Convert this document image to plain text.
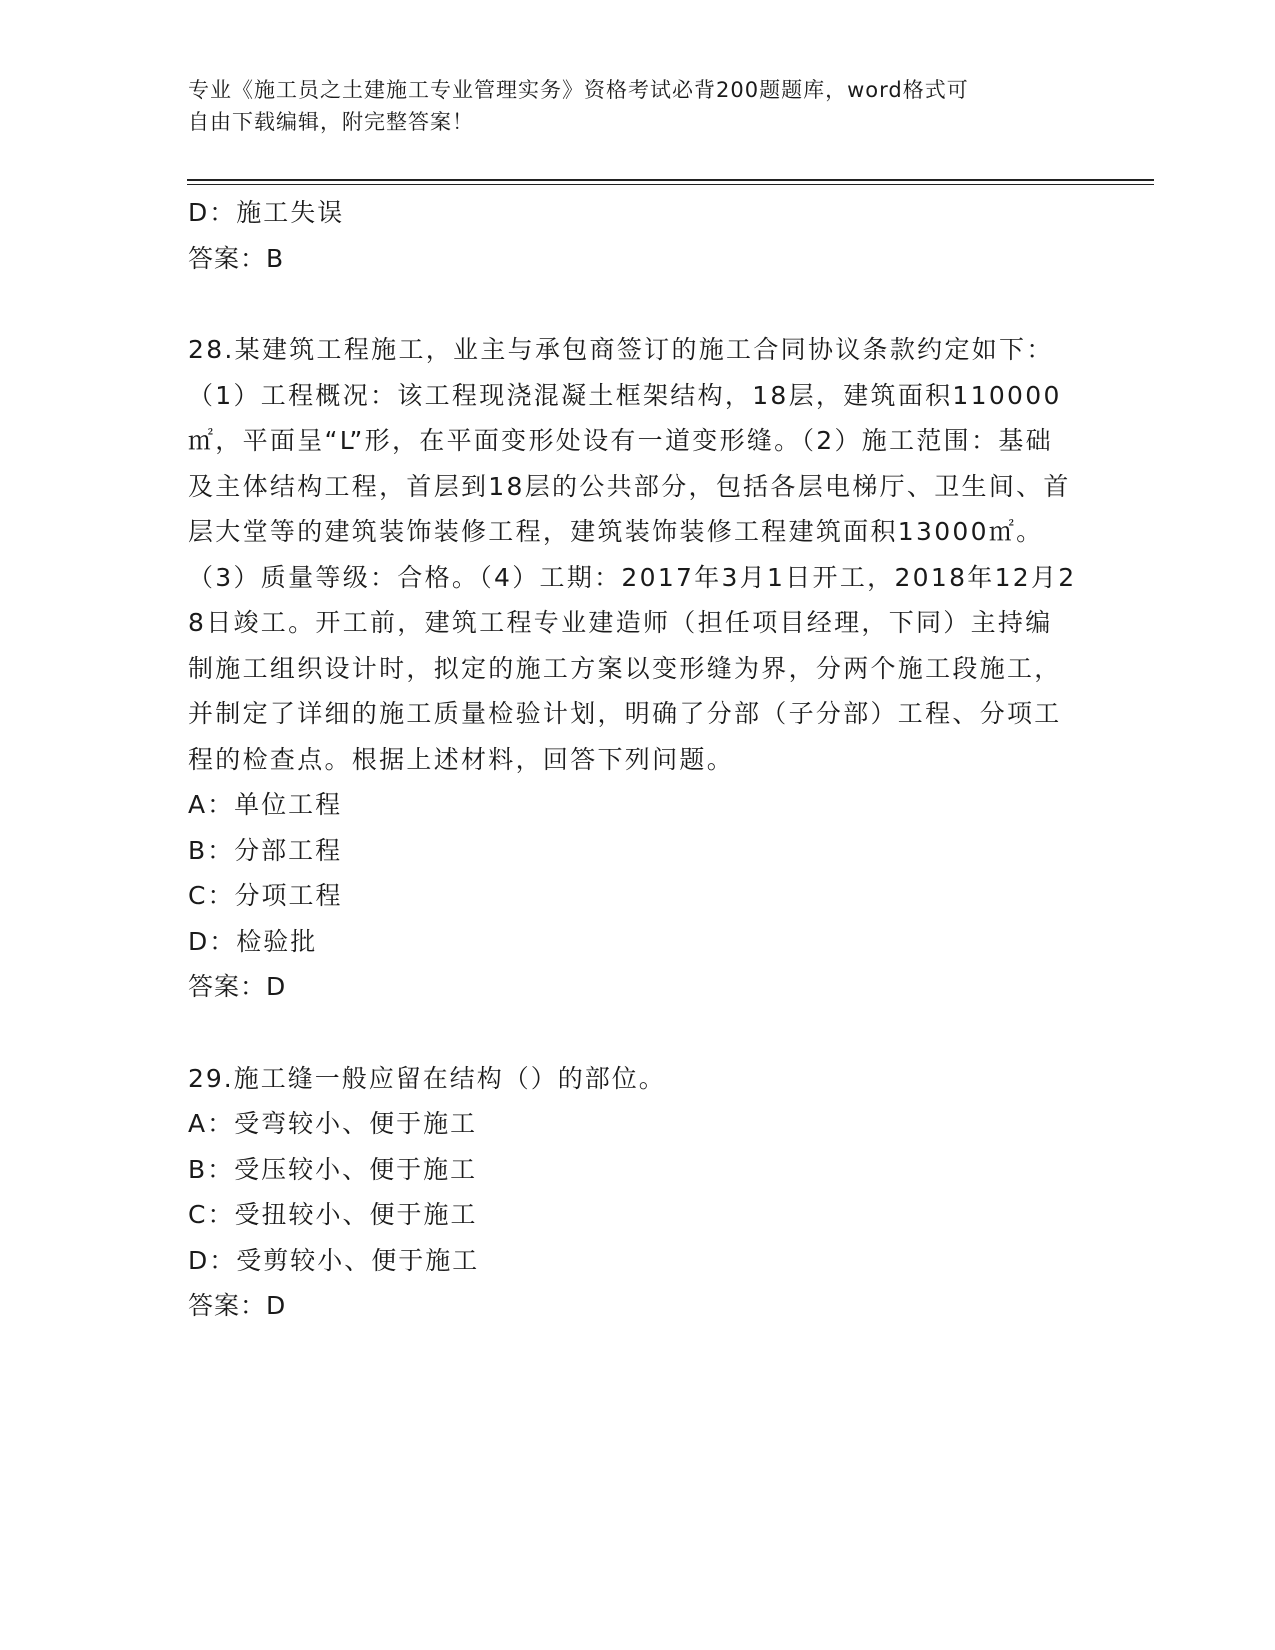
专业《施工员之土建施工专业管理实务》资格考试必背200题题库，word格式可
自由下载编辑，附完整答案！
D：施工失误
答案：B
28.某建筑工程施工，业主与承包商签订的施工合同协议条款约定如下：（1）工程概况：该工程现浇混凝土框架结构，18层，建筑面积110000㎡，平面呈“L”形，在平面变形处设有一道变形缝。（2）施工范围：基础及主体结构工程，首层到18层的公共部分，包括各层电梯厅、卫生间、首层大堂等的建筑装饰装修工程，建筑装饰装修工程建筑面积13000㎡。（3）质量等级：合格。（4）工期：2017年3月1日开工，2018年12月28日竣工。开工前，建筑工程专业建造师（担任项目经理，下同）主持编制施工组织设计时，拟定的施工方案以变形缝为界，分两个施工段施工，并制定了详细的施工质量检验计划，明确了分部（子分部）工程、分项工程的检查点。根据上述材料，回答下列问题。
A：单位工程
B：分部工程
C：分项工程
D：检验批
答案：D
29.施工缝一般应留在结构（）的部位。
A：受弯较小、便于施工
B：受压较小、便于施工
C：受扭较小、便于施工
D：受剪较小、便于施工
答案：D
